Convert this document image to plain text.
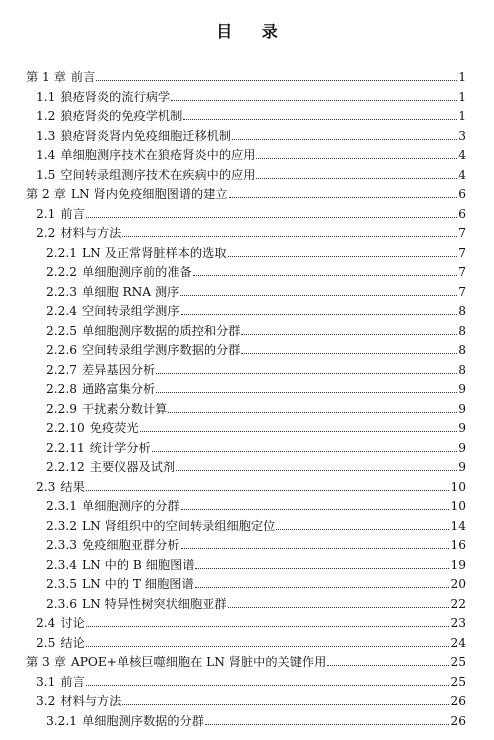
目 录
第 1 章 前言	1
1.1 狼疮肾炎的流行病学	1
1.2 狼疮肾炎的免疫学机制	1
1.3 狼疮肾炎肾内免疫细胞迁移机制	3
1.4 单细胞测序技术在狼疮肾炎中的应用	4
1.5 空间转录组测序技术在疾病中的应用	4
第 2 章 LN 肾内免疫细胞图谱的建立	6
2.1 前言	6
2.2 材料与方法	7
2.2.1 LN 及正常肾脏样本的选取	7
2.2.2 单细胞测序前的准备	7
2.2.3 单细胞 RNA 测序	7
2.2.4 空间转录组学测序	8
2.2.5 单细胞测序数据的质控和分群	8
2.2.6 空间转录组学测序数据的分群	8
2.2.7 差异基因分析	8
2.2.8 通路富集分析	9
2.2.9 干扰素分数计算	9
2.2.10 免疫荧光	9
2.2.11 统计学分析	9
2.2.12 主要仪器及试剂	9
2.3 结果	10
2.3.1 单细胞测序的分群	10
2.3.2 LN 肾组织中的空间转录组细胞定位	14
2.3.3 免疫细胞亚群分析	16
2.3.4 LN 中的 B 细胞图谱	19
2.3.5 LN 中的 T 细胞图谱	20
2.3.6 LN 特异性树突状细胞亚群	22
2.4 讨论	23
2.5 结论	24
第 3 章 APOE+单核巨噬细胞在 LN 肾脏中的关键作用	25
3.1 前言	25
3.2 材料与方法	26
3.2.1 单细胞测序数据的分群	26
